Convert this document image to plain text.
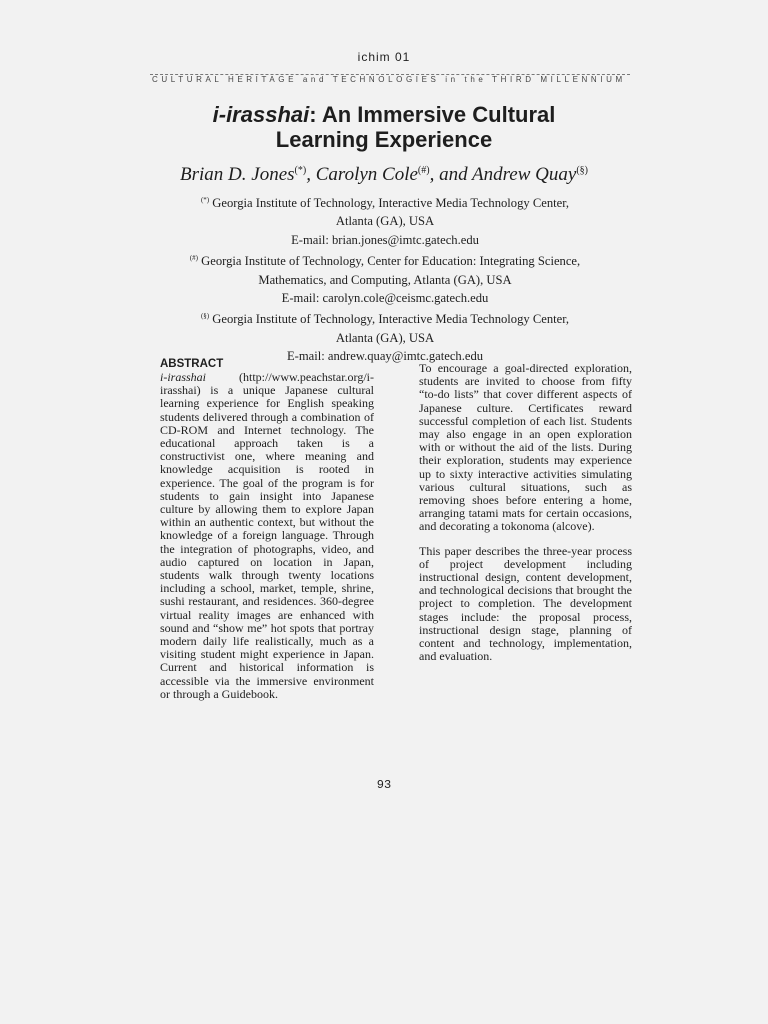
ichim 01
CULTURAL HERITAGE and TECHNOLOGIES in the THIRD MILLENNIUM
i-irasshai: An Immersive Cultural
Learning Experience
Brian D. Jones(*), Carolyn Cole(#), and Andrew Quay(§)
(*) Georgia Institute of Technology, Interactive Media Technology Center,
Atlanta (GA), USA
E-mail: brian.jones@imtc.gatech.edu
(#) Georgia Institute of Technology, Center for Education: Integrating Science,
Mathematics, and Computing, Atlanta (GA), USA
E-mail: carolyn.cole@ceismc.gatech.edu
(§) Georgia Institute of Technology, Interactive Media Technology Center,
Atlanta (GA), USA
E-mail: andrew.quay@imtc.gatech.edu
ABSTRACT

i-irasshai (http://www.peachstar.org/i-irasshai) is a unique Japanese cultural learning experience for English speaking students delivered through a combination of CD-ROM and Internet technology. The educational approach taken is a constructivist one, where meaning and knowledge acquisition is rooted in experience. The goal of the program is for students to gain insight into Japanese culture by allowing them to explore Japan within an authentic context, but without the knowledge of a foreign language. Through the integration of photographs, video, and audio captured on location in Japan, students walk through twenty locations including a school, market, temple, shrine, sushi restaurant, and residences. 360-degree virtual reality images are enhanced with sound and “show me” hot spots that portray modern daily life realistically, much as a visiting student might experience in Japan. Current and historical information is accessible via the immersive environment or through a Guidebook.

To encourage a goal-directed exploration, students are invited to choose from fifty “to-do lists” that cover different aspects of Japanese culture. Certificates reward successful completion of each list. Students may also engage in an open exploration with or without the aid of the lists. During their exploration, students may experience up to sixty interactive activities simulating various cultural situations, such as removing shoes before entering a home, arranging tatami mats for certain occasions, and decorating a tokonoma (alcove).

This paper describes the three-year process of project development including instructional design, content development, and technological decisions that brought the project to completion. The development stages include: the proposal process, instructional design stage, planning of content and technology, implementation, and evaluation.

93
